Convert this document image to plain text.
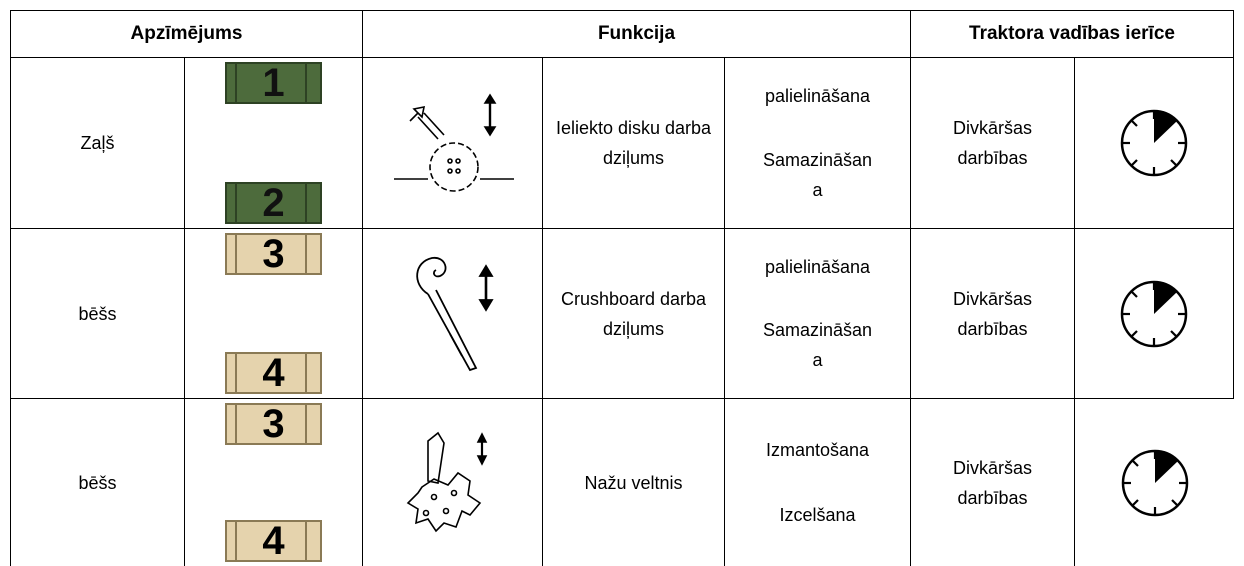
Apzīmējums	Funkcija	Traktora vadības ierīce
Zaļš
1
2
Ieliekto disku darba dziļums
palielināšana
Samazināšan a
Divkāršas darbības
bēšs
3
4
Crushboard darba dziļums
palielināšana
Samazināšan a
Divkāršas darbības
bēšs
3
4
Nažu veltnis
Izmantošana
Izcelšana
Divkāršas darbības
